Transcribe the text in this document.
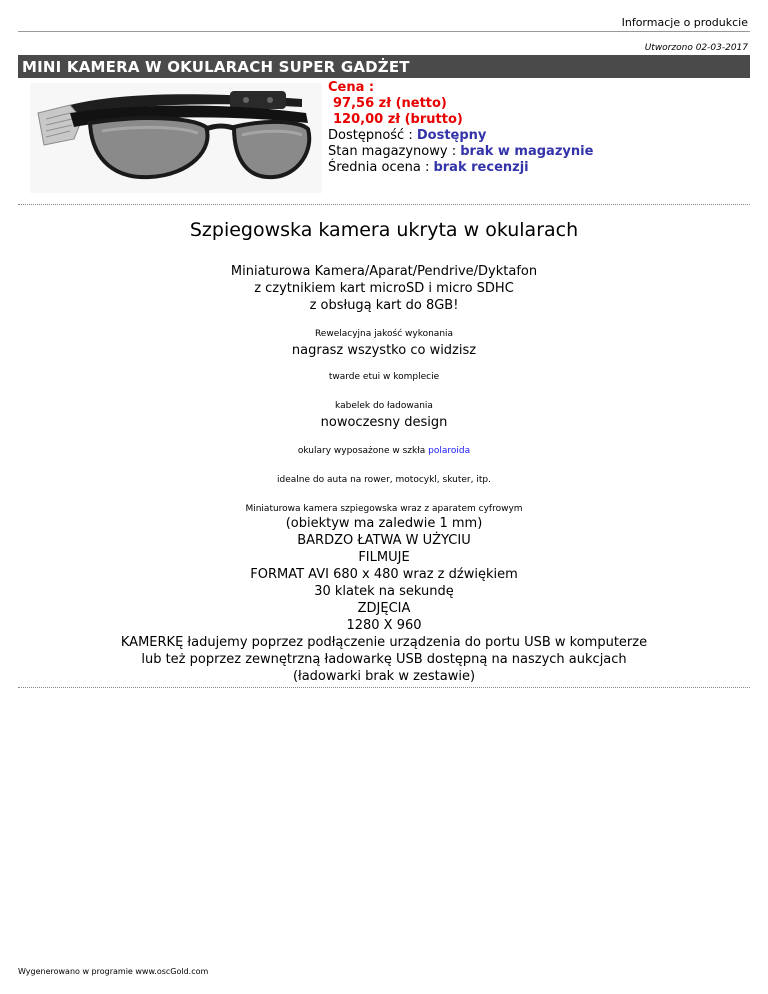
Informacje o produkcie
Utworzono 02-03-2017
MINI KAMERA W OKULARACH SUPER GADŻET
Cena :
97,56 zł (netto)
120,00 zł (brutto)
Dostępność : Dostępny
Stan magazynowy : brak w magazynie
Średnia ocena : brak recenzji
Szpiegowska kamera ukryta w okularach
Miniaturowa Kamera/Aparat/Pendrive/Dyktafon
z czytnikiem kart microSD i micro SDHC
z obsługą kart do 8GB!
Rewelacyjna jakość wykonania
nagrasz wszystko co widzisz
twarde etui w komplecie
kabelek do ładowania
nowoczesny design
okulary wyposażone w szkła polaroida
idealne do auta na rower, motocykl, skuter, itp.
Miniaturowa kamera szpiegowska wraz z aparatem cyfrowym
(obiektyw ma zaledwie 1 mm)
BARDZO ŁATWA W UŻYCIU
FILMUJE
FORMAT AVI 680 x 480 wraz z dźwiękiem
30 klatek na sekundę
ZDJĘCIA
1280 X 960
KAMERKĘ ładujemy poprzez podłączenie urządzenia do portu USB w komputerze
lub też poprzez zewnętrzną ładowarkę USB dostępną na naszych aukcjach
(ładowarki brak w zestawie)
Wygenerowano w programie www.oscGold.com
